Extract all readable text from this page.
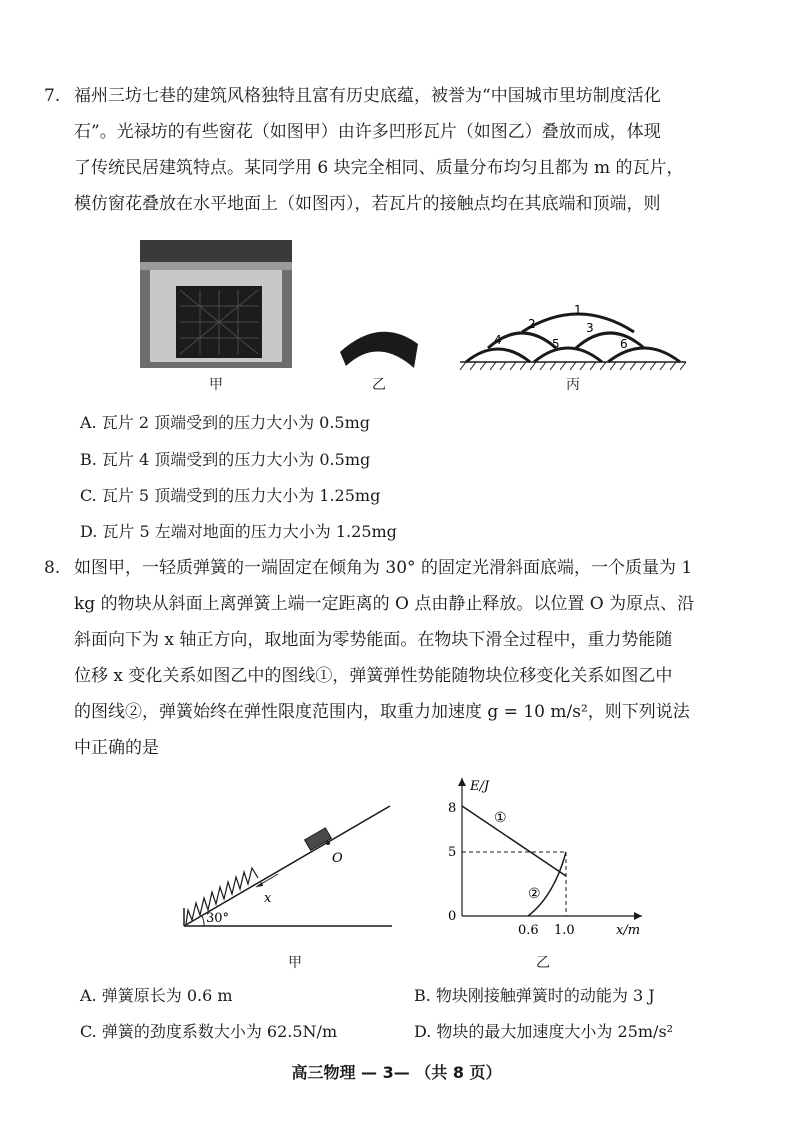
7. 福州三坊七巷的建筑风格独特且富有历史底蕴，被誉为“中国城市里坊制度活化
石”。光禄坊的有些窗花（如图甲）由许多凹形瓦片（如图乙）叠放而成，体现
了传统民居建筑特点。某同学用 6 块完全相同、质量分布均匀且都为 m 的瓦片，
模仿窗花叠放在水平地面上（如图丙），若瓦片的接触点均在其底端和顶端，则
甲	乙
1
2	3
4	5	6
丙
A. 瓦片 2 顶端受到的压力大小为 0.5mg
B. 瓦片 4 顶端受到的压力大小为 0.5mg
C. 瓦片 5 顶端受到的压力大小为 1.25mg
D. 瓦片 5 左端对地面的压力大小为 1.25mg
8. 如图甲，一轻质弹簧的一端固定在倾角为 30° 的固定光滑斜面底端，一个质量为 1
kg 的物块从斜面上离弹簧上端一定距离的 O 点由静止释放。以位置 O 为原点、沿
斜面向下为 x 轴正方向，取地面为零势能面。在物块下滑全过程中，重力势能随
位移 x 变化关系如图乙中的图线①，弹簧弹性势能随物块位移变化关系如图乙中
的图线②，弹簧始终在弹性限度范围内，取重力加速度 g = 10 m/s²，则下列说法
中正确的是
O
x
30°
甲
E/J
x/m
0
8
5
0.6 1.0
①
②
乙
A. 弹簧原长为 0.6 m	B. 物块刚接触弹簧时的动能为 3 J
C. 弹簧的劲度系数大小为 62.5N/m	D. 物块的最大加速度大小为 25m/s²
高三物理 — 3— （共 8 页）
